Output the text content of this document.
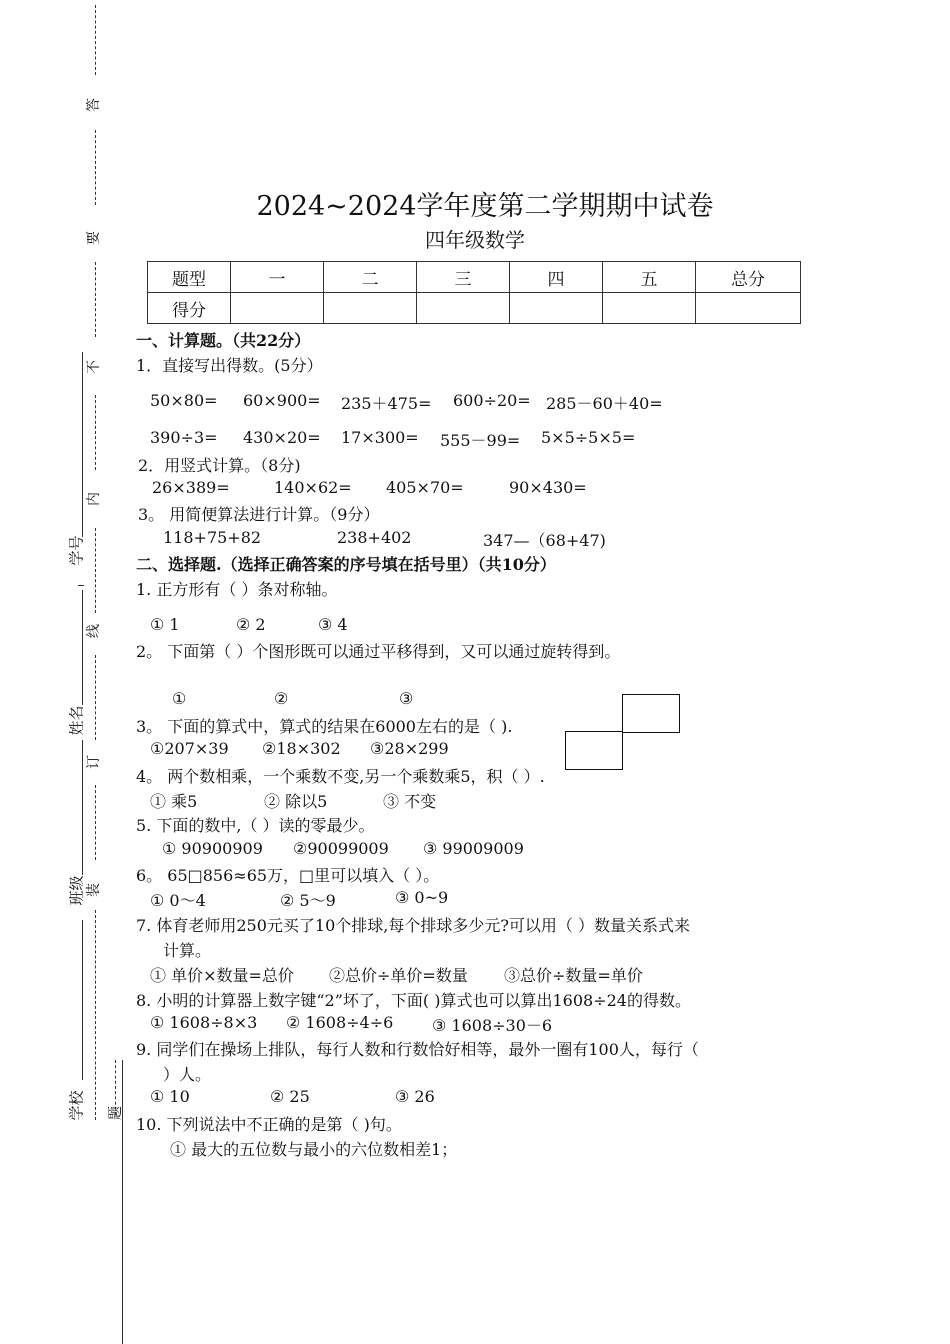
答
要
不
内
线
订
装
题
学号
姓名
班级
学校
2024~2024学年度第二学期期中试卷
四年级数学
题型	一	二	三	四	五	总分
得分						
一、计算题。（共22分）
1．直接写出得数。(5分）
50×80= 60×900= 235＋475= 600÷20= 285－60＋40=
390÷3= 430×20= 17×300= 555－99= 5×5÷5×5=
2．用竖式计算。（8分)
26×389=	140×62= 405×70=	90×430=
3。 用简便算法进行计算。（9分）
118+75+82	238+402	347—（68+47)
二、选择题.（选择正确答案的序号填在括号里）（共10分）
1. 正方形有（ ）条对称轴。
① 1	② 2	③ 4
2。 下面第（ ）个图形既可以通过平移得到，又可以通过旋转得到。
①	②	③
3。 下面的算式中，算式的结果在6000左右的是（ ).
①207×39 ②18×302 ③28×299
4。 两个数相乘，一个乘数不变,另一个乘数乘5，积（ ）.
① 乘5	② 除以5	③ 不变
5. 下面的数中,（ ）读的零最少。
① 90900909 ②90099009 ③ 99009009
6。 65□856≈65万，□里可以填入（ ）。
① 0～4	② 5～9	③ 0~9
7. 体育老师用250元买了10个排球,每个排球多少元?可以用（ ）数量关系式来
计算。
① 单价×数量=总价 ②总价÷单价=数量 ③总价÷数量=单价
8. 小明的计算器上数字键“2”坏了，下面( )算式也可以算出1608÷24的得数。
① 1608÷8×3 ② 1608÷4÷6 ③ 1608÷30－6
9. 同学们在操场上排队，每行人数和行数恰好相等，最外一圈有100人，每行（
）人。
① 10	② 25	③ 26
10. 下列说法中不正确的是第（ )句。
① 最大的五位数与最小的六位数相差1；
